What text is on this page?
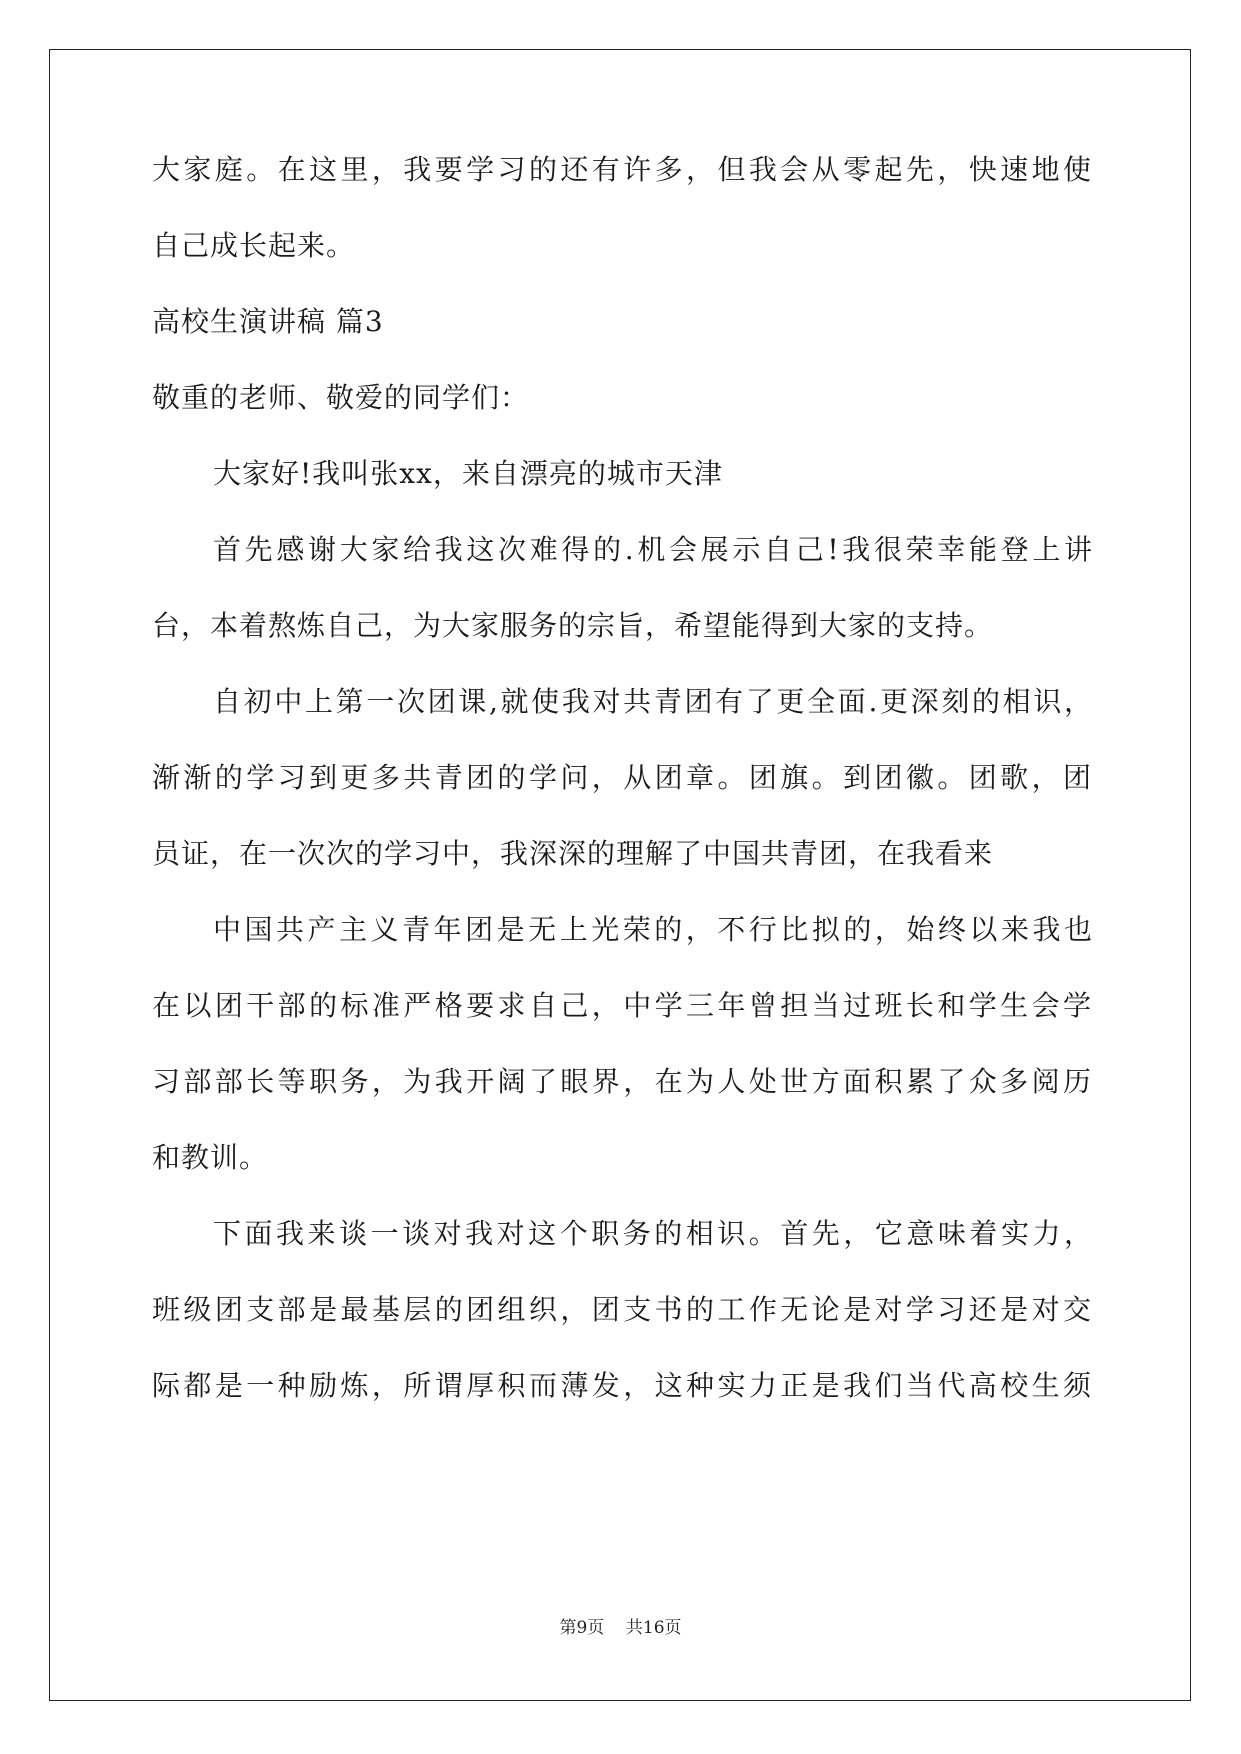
大家庭。在这里，我要学习的还有许多，但我会从零起先，快速地使
自己成长起来。
高校生演讲稿 篇3
敬重的老师、敬爱的同学们：
大家好!我叫张xx，来自漂亮的城市天津
首先感谢大家给我这次难得的.机会展示自己!我很荣幸能登上讲
台，本着熬炼自己，为大家服务的宗旨，希望能得到大家的支持。
自初中上第一次团课,就使我对共青团有了更全面.更深刻的相识，
渐渐的学习到更多共青团的学问，从团章。团旗。到团徽。团歌，团
员证，在一次次的学习中，我深深的理解了中国共青团，在我看来
中国共产主义青年团是无上光荣的，不行比拟的，始终以来我也
在以团干部的标准严格要求自己，中学三年曾担当过班长和学生会学
习部部长等职务，为我开阔了眼界，在为人处世方面积累了众多阅历
和教训。
下面我来谈一谈对我对这个职务的相识。首先，它意味着实力，
班级团支部是最基层的团组织，团支书的工作无论是对学习还是对交
际都是一种励炼，所谓厚积而薄发，这种实力正是我们当代高校生须
第9页 共16页
